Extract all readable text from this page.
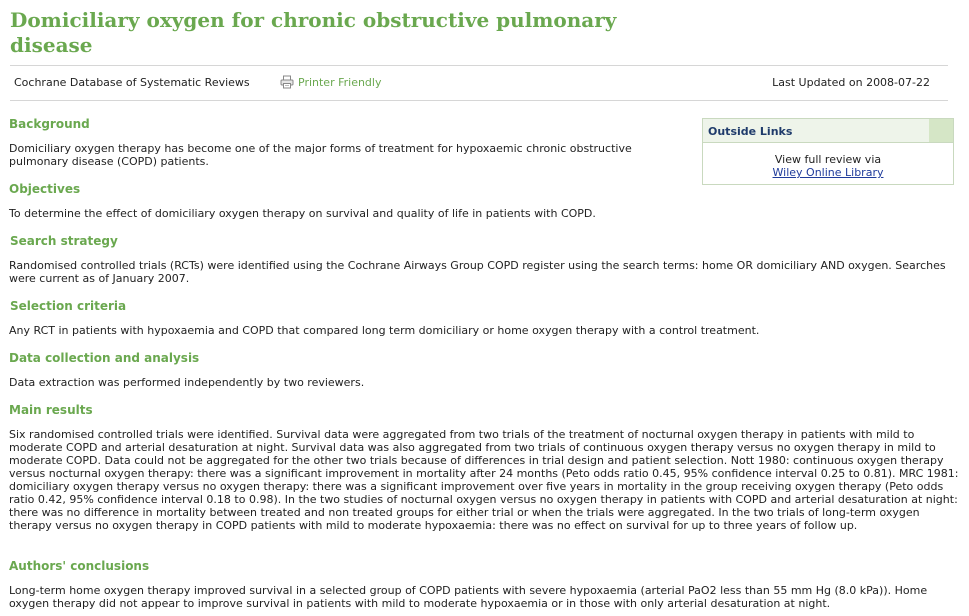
Domiciliary oxygen for chronic obstructive pulmonary disease
Cochrane Database of Systematic Reviews	Printer Friendly	Last Updated on 2008-07-22
Outside Links
View full review via
Wiley Online Library
Background

Domiciliary oxygen therapy has become one of the major forms of treatment for hypoxaemic chronic obstructive pulmonary disease (COPD) patients.

Objectives

To determine the effect of domiciliary oxygen therapy on survival and quality of life in patients with COPD.

Search strategy

Randomised controlled trials (RCTs) were identified using the Cochrane Airways Group COPD register using the search terms: home OR domiciliary AND oxygen. Searches were current as of January 2007.

Selection criteria

Any RCT in patients with hypoxaemia and COPD that compared long term domiciliary or home oxygen therapy with a control treatment.

Data collection and analysis

Data extraction was performed independently by two reviewers.

Main results

Six randomised controlled trials were identified. Survival data were aggregated from two trials of the treatment of nocturnal oxygen therapy in patients with mild to moderate COPD and arterial desaturation at night. Survival data was also aggregated from two trials of continuous oxygen therapy versus no oxygen therapy in mild to moderate COPD. Data could not be aggregated for the other two trials because of differences in trial design and patient selection. Nott 1980: continuous oxygen therapy versus nocturnal oxygen therapy: there was a significant improvement in mortality after 24 months (Peto odds ratio 0.45, 95% confidence interval 0.25 to 0.81). MRC 1981: domiciliary oxygen therapy versus no oxygen therapy: there was a significant improvement over five years in mortality in the group receiving oxygen therapy (Peto odds ratio 0.42, 95% confidence interval 0.18 to 0.98). In the two studies of nocturnal oxygen versus no oxygen therapy in patients with COPD and arterial desaturation at night: there was no difference in mortality between treated and non treated groups for either trial or when the trials were aggregated. In the two trials of long-term oxygen therapy versus no oxygen therapy in COPD patients with mild to moderate hypoxaemia: there was no effect on survival for up to three years of follow up.

Authors' conclusions

Long-term home oxygen therapy improved survival in a selected group of COPD patients with severe hypoxaemia (arterial PaO2 less than 55 mm Hg (8.0 kPa)). Home oxygen therapy did not appear to improve survival in patients with mild to moderate hypoxaemia or in those with only arterial desaturation at night.
